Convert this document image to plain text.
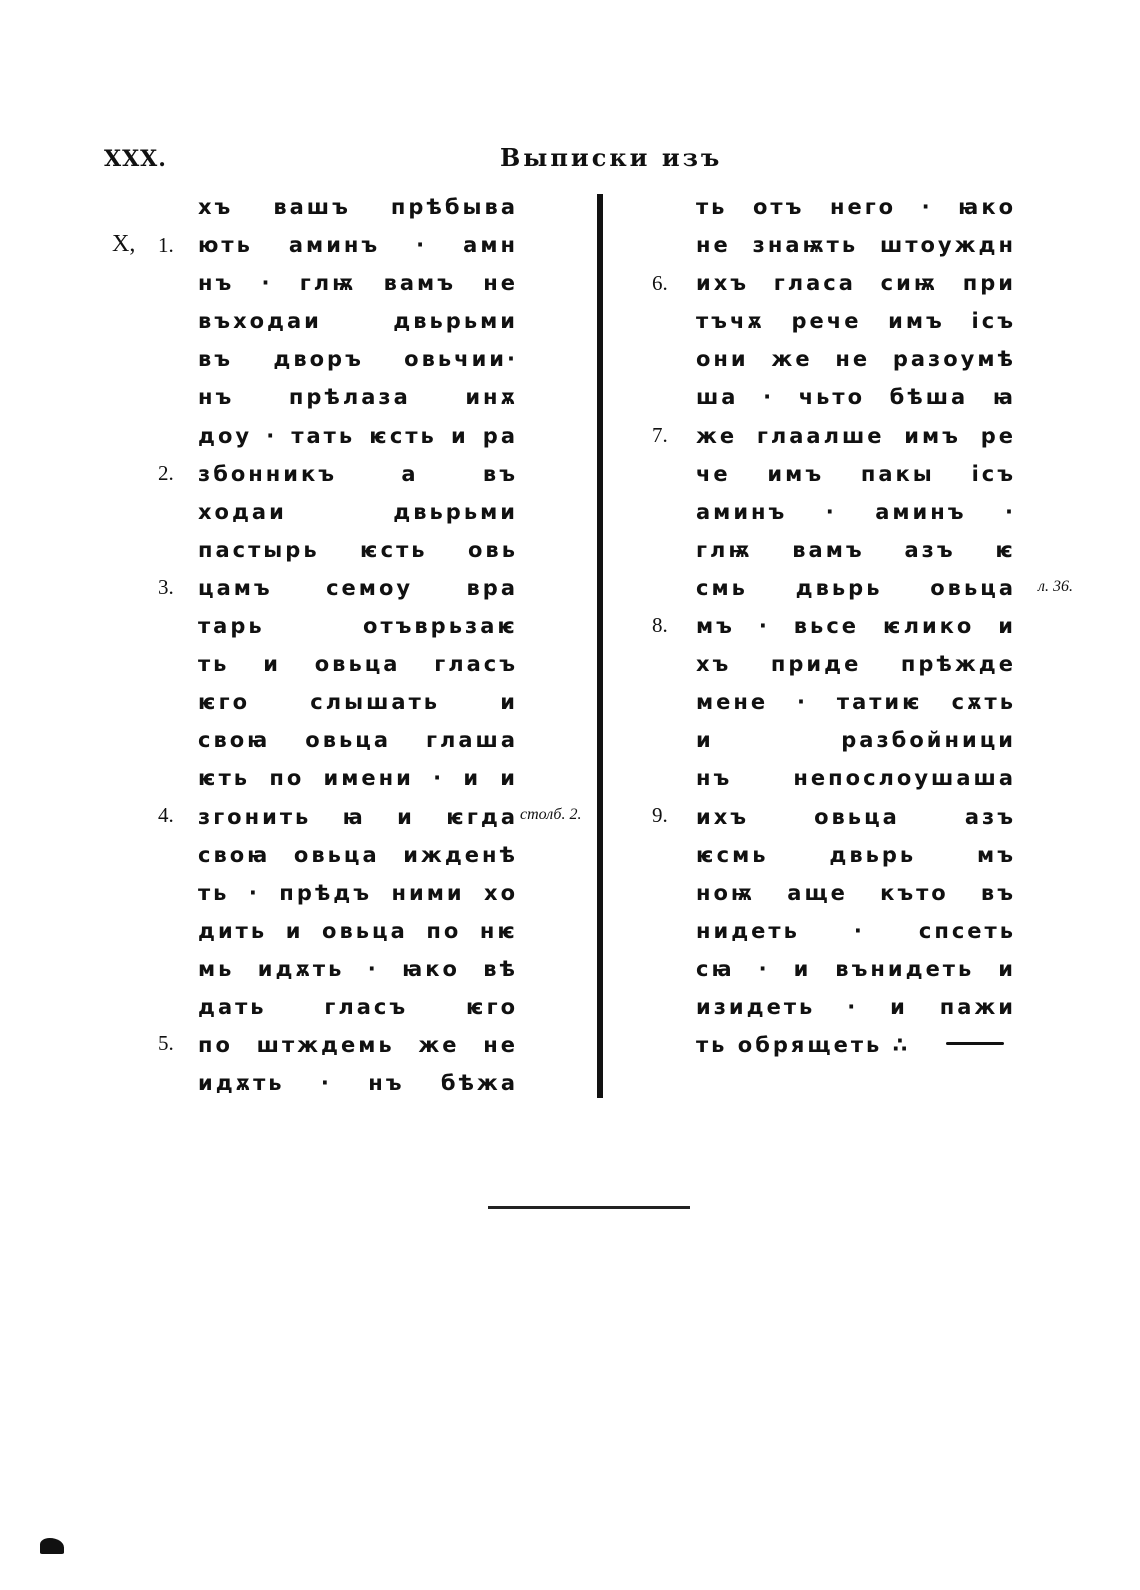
XXX.	Выписки изъ
X, 1.
2.
3.
4.
5.
6.
7.
8.
9.
столб. 2.
л. 36.
хъ вашъ прѣбыва
ють аминъ · амн
нъ · глѭ вамъ не
въходаи двьрьми
въ дворъ овьчии·
нъ прѣлаза инѫ
доу · тать ѥсть и ра
збонникъ а въ
ходаи двьрьми
пастырь ѥсть овь
цамъ семоу вра
тарь отъврьзаѥ
ть и овьца гласъ
ѥго слышать и
своꙗ овьца глаша
ѥть по имени · и и
згонить ꙗ и ѥгда
своꙗ овьца ижденѣ
ть · прѣдъ ними хо
дить и овьца по нѥ
мь идѫть · ꙗко вѣ
дать гласъ ѥго
по штждемь же не
идѫть · нъ бѣжа
ть отъ него · ꙗко
не знаѭть штоуждн
ихъ гласа сиѭ при
тъчѫ рече имъ ісъ
они же не разоумѣ
ша · чьто бѣша ꙗ
же глаалше имъ ре
че имъ пакы ісъ
аминъ · аминъ ·
глѭ вамъ азъ ѥ
смь двьрь овьца
мъ · вьсе ѥлико и
хъ приде прѣжде
мене · татиѥ сѫть
и разбойници
нъ непослоушаша
ихъ овьца азъ
ѥсмь двьрь мъ
ноѭ аще къто въ
нидеть · спсеть
сꙗ · и вънидеть и
изидеть · и пажи
ть обрящеть ∴
